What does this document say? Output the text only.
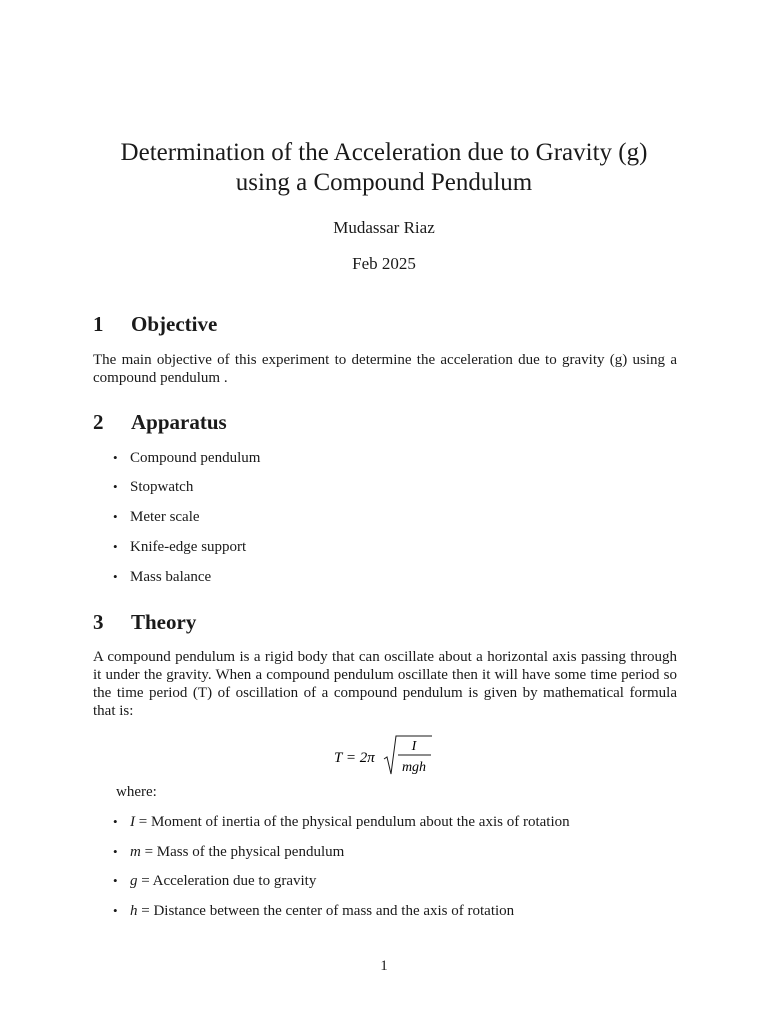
Determination of the Acceleration due to Gravity (g)
using a Compound Pendulum
Mudassar Riaz
Feb 2025
1 Objective

The main objective of this experiment to determine the acceleration due to gravity (g) using a compound pendulum .

2 Apparatus
• Compound pendulum
• Stopwatch
• Meter scale
• Knife-edge support
• Mass balance
3 Theory

A compound pendulum is a rigid body that can oscillate about a horizontal axis passing through it under the gravity. When a compound pendulum oscillate then it will have some time period so the time period (T) of oscillation of a compound pendulum is given by mathematical formula that is:

T = 2π
I
mgh
where:
• I = Moment of inertia of the physical pendulum about the axis of rotation
• m = Mass of the physical pendulum
• g = Acceleration due to gravity
• h = Distance between the center of mass and the axis of rotation
1
